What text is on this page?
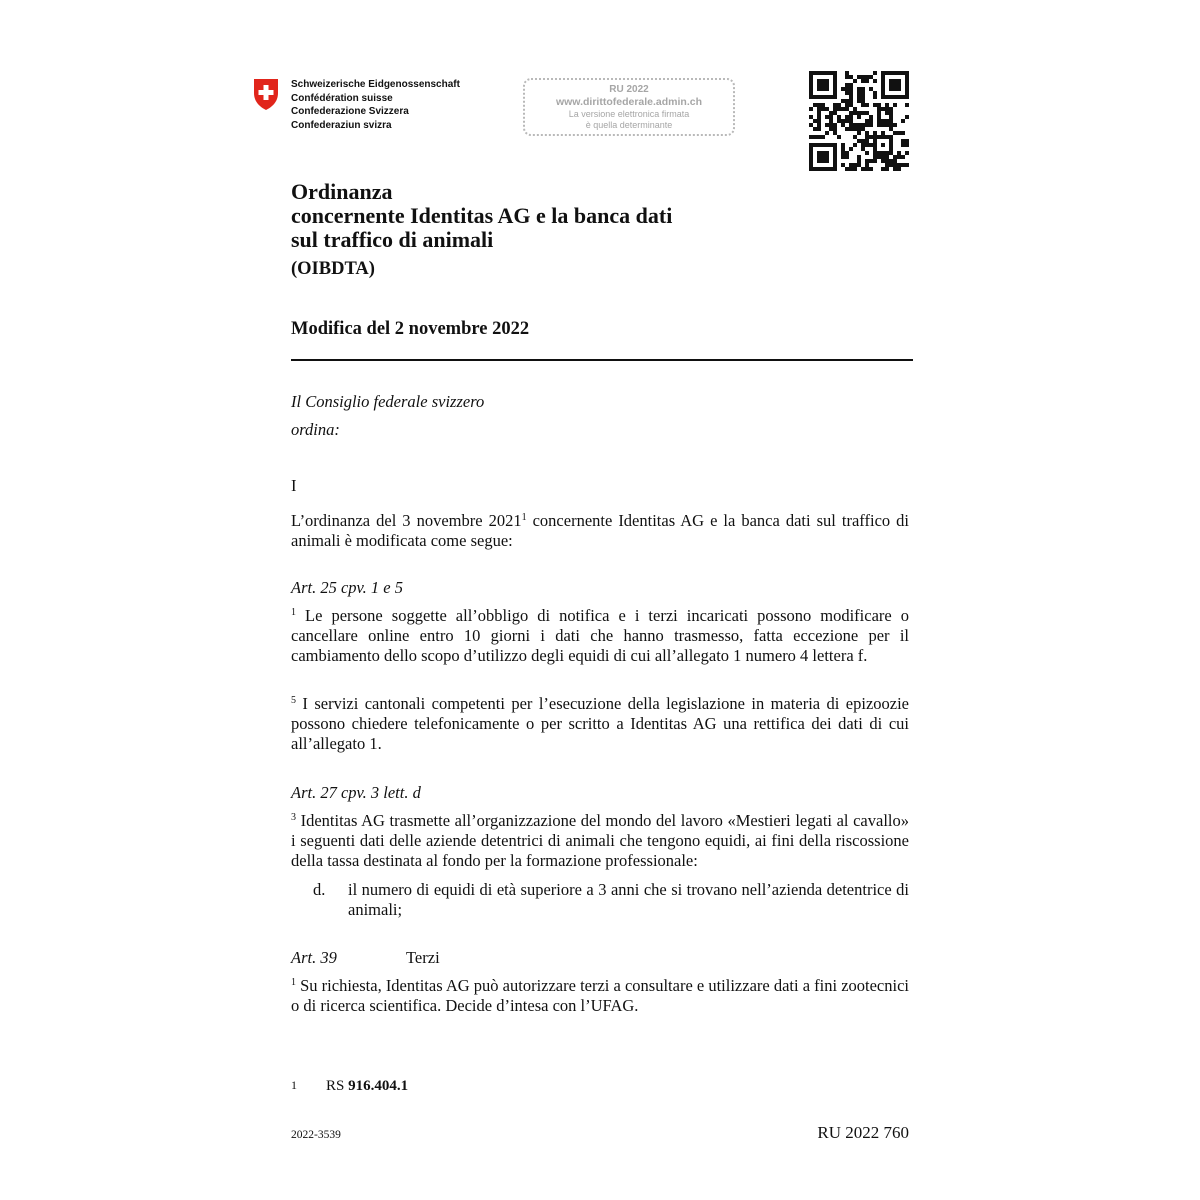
Schweizerische Eidgenossenschaft
Confédération suisse
Confederazione Svizzera
Confederaziun svizra
RU 2022
www.dirittofederale.admin.ch
La versione elettronica firmata
è quella determinante
Ordinanza
concernente Identitas AG e la banca dati
sul traffico di animali
(OIBDTA)
Modifica del 2 novembre 2022
Il Consiglio federale svizzero
ordina:
I
L’ordinanza del 3 novembre 2021$^1$ concernente Identitas AG e la banca dati sul traffico di animali è modificata come segue:
Art. 25 cpv. 1 e 5
$^1$ Le persone soggette all’obbligo di notifica e i terzi incaricati possono modificare o cancellare online entro 10 giorni i dati che hanno trasmesso, fatta eccezione per il cambiamento dello scopo d’utilizzo degli equidi di cui all’allegato 1 numero 4 lettera f.
$^5$ I servizi cantonali competenti per l’esecuzione della legislazione in materia di epizoozie possono chiedere telefonicamente o per scritto a Identitas AG una rettifica dei dati di cui all’allegato 1.
Art. 27 cpv. 3 lett. d
$^3$ Identitas AG trasmette all’organizzazione del mondo del lavoro «Mestieri legati al cavallo» i seguenti dati delle aziende detentrici di animali che tengono equidi, ai fini della riscossione della tassa destinata al fondo per la formazione professionale:
d. il numero di equidi di età superiore a 3 anni che si trovano nell’azienda detentrice di animali;
Art. 39	Terzi
$^1$ Su richiesta, Identitas AG può autorizzare terzi a consultare e utilizzare dati a fini zootecnici o di ricerca scientifica. Decide d’intesa con l’UFAG.
1 RS 916.404.1
2022-3539	RU 2022 760
